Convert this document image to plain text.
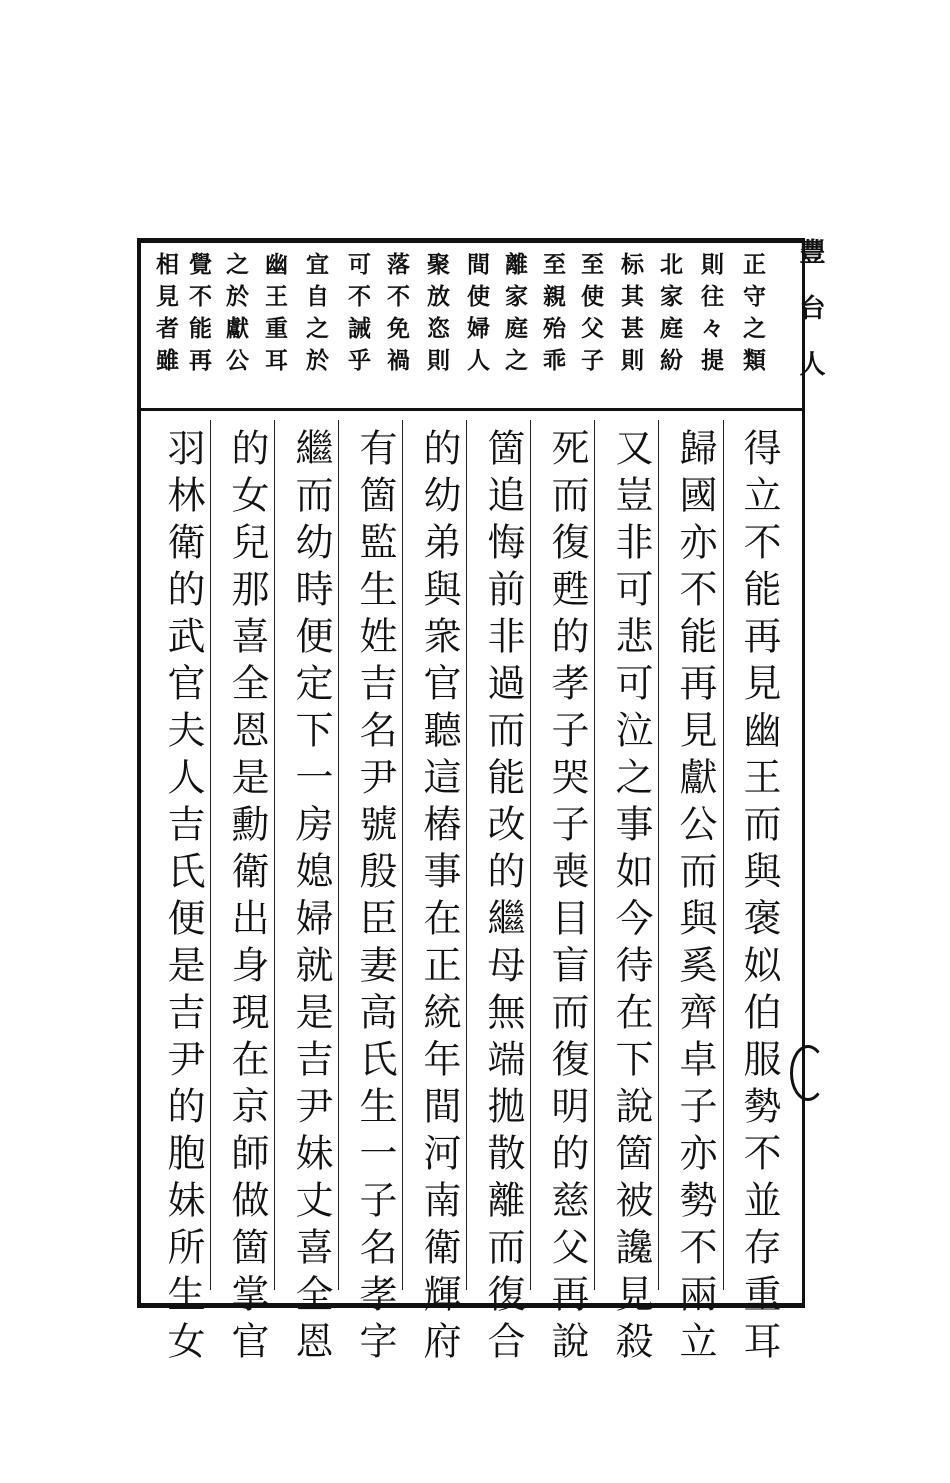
正守之類
則往々提
北家庭紛
标其甚則
至使父子
至親殆乖
離家庭之
間使婦人
聚放恣則
落不免禍
可不誡乎
宜自之於
幽王重耳
之於獻公
覺不能再
相見者雖
得立不能再見幽王而與褒姒伯服勢不並存重耳
歸國亦不能再見獻公而與奚齊卓子亦勢不兩立
又豈非可悲可泣之事如今待在下說箇被讒見殺
死而復甦的孝子哭子喪目盲而復明的慈父再說
箇追悔前非過而能改的繼母無端拋散離而復合
的幼弟與衆官聽這樁事在正統年間河南衛輝府
有箇監生姓吉名尹號殷臣妻高氏生一子名孝字
繼而幼時便定下一房媳婦就是吉尹妹丈喜全恩
的女兒那喜全恩是勳衛出身現在京師做箇掌官
羽林衛的武官夫人吉氏便是吉尹的胞妹所生女
豐台人
